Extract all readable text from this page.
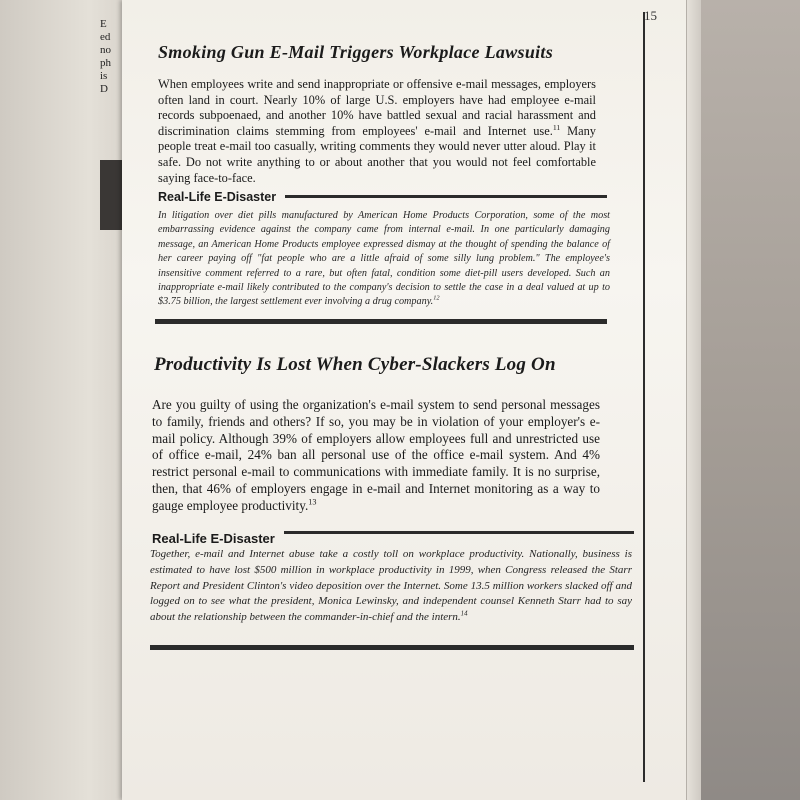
E
ed
no
ph
is
D
15
Smoking Gun E-Mail Triggers Workplace Lawsuits

When employees write and send inappropriate or offensive e-mail messages, employers often land in court. Nearly 10% of large U.S. employers have had employee e-mail records subpoenaed, and another 10% have battled sexual and racial harassment and discrimination claims stemming from employees' e-mail and Internet use.$^{11}$ Many people treat e-mail too casually, writing comments they would never utter aloud. Play it safe. Do not write anything to or about another that you would not feel comfortable saying face-to-face.

Real-Life E-Disaster

In litigation over diet pills manufactured by American Home Products Corporation, some of the most embarrassing evidence against the company came from internal e-mail. In one particularly damaging message, an American Home Products employee expressed dismay at the thought of spending the balance of her career paying off "fat people who are a little afraid of some silly lung problem." The employee's insensitive comment referred to a rare, but often fatal, condition some diet-pill users developed. Such an inappropriate e-mail likely contributed to the company's decision to settle the case in a deal valued at up to $3.75 billion, the largest settlement ever involving a drug company.$^{12}$

Productivity Is Lost When Cyber-Slackers Log On

Are you guilty of using the organization's e-mail system to send personal messages to family, friends and others? If so, you may be in violation of your employer's e-mail policy. Although 39% of employers allow employees full and unrestricted use of office e-mail, 24% ban all personal use of the office e-mail system. And 4% restrict personal e-mail to communications with immediate family. It is no surprise, then, that 46% of employers engage in e-mail and Internet monitoring as a way to gauge employee productivity.$^{13}$

Real-Life E-Disaster

Together, e-mail and Internet abuse take a costly toll on workplace productivity. Nationally, business is estimated to have lost $500 million in workplace productivity in 1999, when Congress released the Starr Report and President Clinton's video deposition over the Internet. Some 13.5 million workers slacked off and logged on to see what the president, Monica Lewinsky, and independent counsel Kenneth Starr had to say about the relationship between the commander-in-chief and the intern.$^{14}$
